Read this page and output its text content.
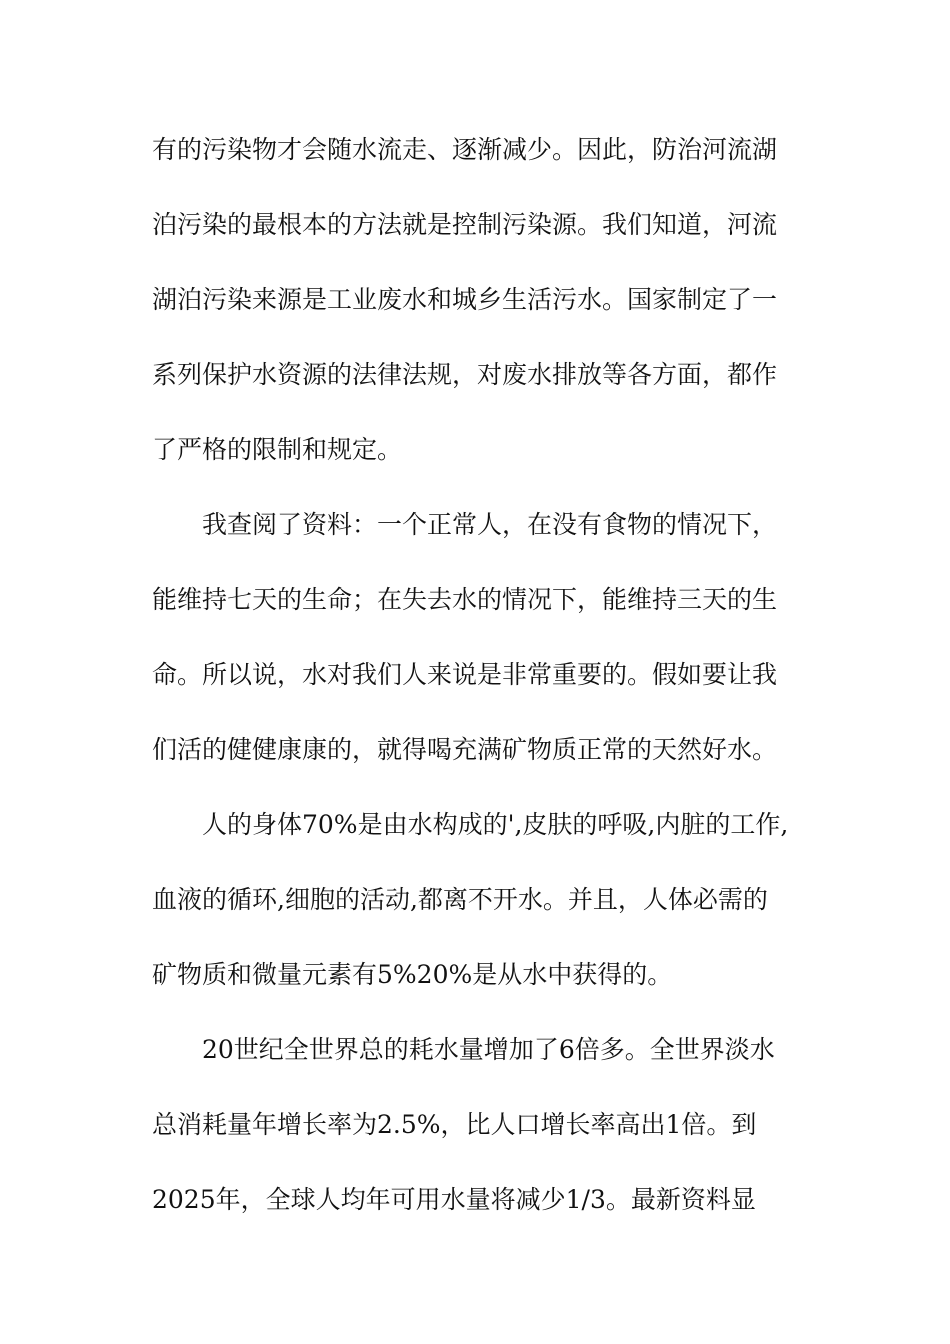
有的污染物才会随水流走、逐渐减少。因此，防治河流湖
泊污染的最根本的方法就是控制污染源。我们知道，河流
湖泊污染来源是工业废水和城乡生活污水。国家制定了一
系列保护水资源的法律法规，对废水排放等各方面，都作
了严格的限制和规定。
我查阅了资料：一个正常人，在没有食物的情况下，
能维持七天的生命；在失去水的情况下，能维持三天的生
命。所以说，水对我们人来说是非常重要的。假如要让我
们活的健健康康的，就得喝充满矿物质正常的天然好水。
人的身体70%是由水构成的',皮肤的呼吸,内脏的工作,
血液的循环,细胞的活动,都离不开水。并且，人体必需的
矿物质和微量元素有5%20%是从水中获得的。
20世纪全世界总的耗水量增加了6倍多。全世界淡水
总消耗量年增长率为2.5%，比人口增长率高出1倍。到
2025年，全球人均年可用水量将减少1/3。最新资料显
